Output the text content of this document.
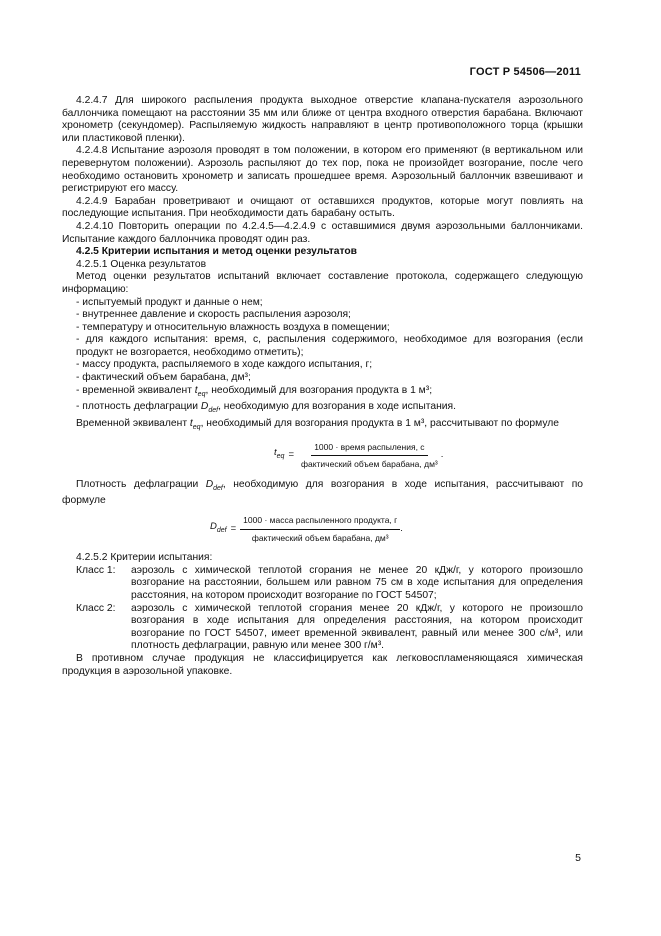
ГОСТ Р 54506—2011

4.2.4.7 Для широкого распыления продукта выходное отверстие клапана-пускателя аэрозольного баллончика помещают на расстоянии 35 мм или ближе от центра входного отверстия барабана. Включают хронометр (секундомер). Распыляемую жидкость направляют в центр противоположного торца (крышки или пластиковой пленки).

4.2.4.8 Испытание аэрозоля проводят в том положении, в котором его применяют (в вертикальном или перевернутом положении). Аэрозоль распыляют до тех пор, пока не произойдет возгорание, после чего необходимо остановить хронометр и записать прошедшее время. Аэрозольный баллончик взвешивают и регистрируют его массу.

4.2.4.9 Барабан проветривают и очищают от оставшихся продуктов, которые могут повлиять на последующие испытания. При необходимости дать барабану остыть.

4.2.4.10 Повторить операции по 4.2.4.5—4.2.4.9 с оставшимися двумя аэрозольными баллончиками. Испытание каждого баллончика проводят один раз.

4.2.5 Критерии испытания и метод оценки результатов

4.2.5.1 Оценка результатов

Метод оценки результатов испытаний включает составление протокола, содержащего следующую информацию:

- испытуемый продукт и данные о нем;

- внутреннее давление и скорость распыления аэрозоля;

- температуру и относительную влажность воздуха в помещении;

- для каждого испытания: время, с, распыления содержимого, необходимое для возгорания (если продукт не возгорается, необходимо отметить);

- массу продукта, распыляемого в ходе каждого испытания, г;

- фактический объем барабана, дм³;

- временной эквивалент $t_{eq}$, необходимый для возгорания продукта в 1 м³;

- плотность дефлаграции $D_{def}$, необходимую для возгорания в ходе испытания.

Временной эквивалент $t_{eq}$, необходимый для возгорания продукта в 1 м³, рассчитывают по формуле

$t_{eq} = \frac{\text{1000 · время распыления, с}}{\text{фактический объем барабана, дм³}}$ .

Плотность дефлаграции $D_{def}$, необходимую для возгорания в ходе испытания, рассчитывают по формуле

$D_{def} = \frac{\text{1000 · масса распыленного продукта, г}}{\text{фактический объем барабана, дм³}}$ .

4.2.5.2 Критерии испытания:

Класс 1:	аэрозоль с химической теплотой сгорания не менее 20 кДж/г, у которого произошло возгорание на расстоянии, большем или равном 75 см в ходе испытания для определения расстояния, на котором происходит возгорание по ГОСТ 54507;
Класс 2:	аэрозоль с химической теплотой сгорания менее 20 кДж/г, у которого не произошло возгорания в ходе испытания для определения расстояния, на котором происходит возгорание по ГОСТ 54507, имеет временной эквивалент, равный или менее 300 с/м³, или плотность дефлаграции, равную или менее 300 г/м³.

В противном случае продукция не классифицируется как легковоспламеняющаяся химическая продукция в аэрозольной упаковке.

5
